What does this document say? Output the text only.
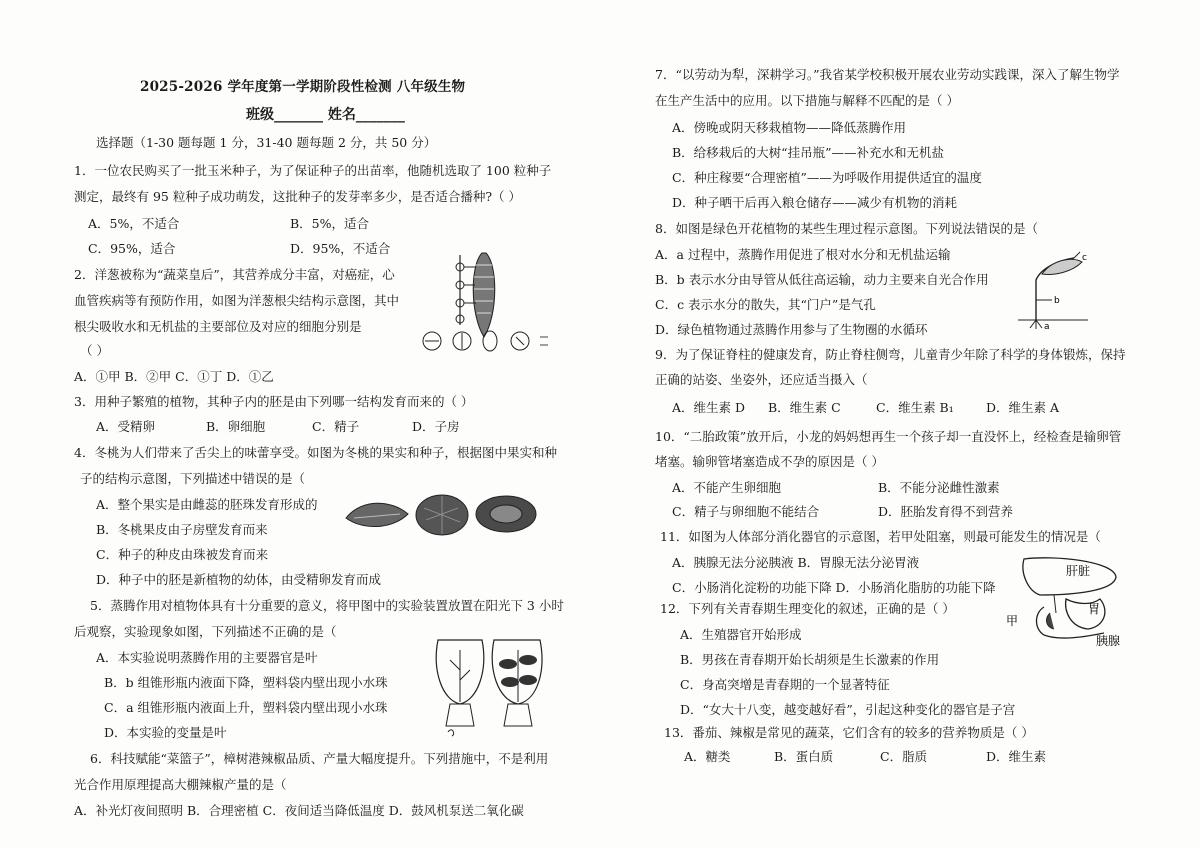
2025-2026 学年度第一学期阶段性检测 八年级生物
班级_______ 姓名_______
选择题（1-30 题每题 1 分，31-40 题每题 2 分，共 50 分）
1．一位农民购买了一批玉米种子，为了保证种子的出苗率，他随机选取了 100 粒种子
测定，最终有 95 粒种子成功萌发，这批种子的发芽率多少，是否适合播种?（ ）
A．5%，不适合	B．5%，适合
C．95%，适合	D．95%，不适合
2．洋葱被称为“蔬菜皇后”，其营养成分丰富，对癌症，心
血管疾病等有预防作用，如图为洋葱根尖结构示意图，其中
根尖吸收水和无机盐的主要部位及对应的细胞分别是
（ ）
A．①甲 B．②甲 C．①丁 D．①乙
3．用种子繁殖的植物，其种子内的胚是由下列哪一结构发育而来的（ ）
A．受精卵	B．卵细胞	C．精子	D．子房
4．冬桃为人们带来了舌尖上的味蕾享受。如图为冬桃的果实和种子，根据图中果实和种
子的结构示意图，下列描述中错误的是（
A．整个果实是由雌蕊的胚珠发育形成的
B．冬桃果皮由子房壁发育而来
C．种子的种皮由珠被发育而来
D．种子中的胚是新植物的幼体，由受精卵发育而成
5．蒸腾作用对植物体具有十分重要的意义，将甲图中的实验装置放置在阳光下 3 小时
后观察，实验现象如图，下列描述不正确的是（
A．本实验说明蒸腾作用的主要器官是叶
B．b 组锥形瓶内液面下降，塑料袋内壁出现小水珠
C．a 组锥形瓶内液面上升，塑料袋内壁出现小水珠
D．本实验的变量是叶
6．科技赋能“菜篮子”，樟树港辣椒品质、产量大幅度提升。下列措施中，不是利用
光合作用原理提高大棚辣椒产量的是（
A．补光灯夜间照明 B．合理密植 C．夜间适当降低温度 D．鼓风机泵送二氧化碳
7．“以劳动为犁，深耕学习。”我省某学校积极开展农业劳动实践课，深入了解生物学
在生产生活中的应用。以下措施与解释不匹配的是（ ）
A．傍晚或阴天移栽植物——降低蒸腾作用
B．给移栽后的大树“挂吊瓶”——补充水和无机盐
C．种庄稼要“合理密植”——为呼吸作用提供适宜的温度
D．种子晒干后再入粮仓储存——减少有机物的消耗
8．如图是绿色开花植物的某些生理过程示意图。下列说法错误的是（
A．a 过程中，蒸腾作用促进了根对水分和无机盐运输
B．b 表示水分由导管从低往高运输，动力主要来自光合作用
C．c 表示水分的散失，其“门户”是气孔
D．绿色植物通过蒸腾作用参与了生物圈的水循环
c
b
a
9．为了保证脊柱的健康发育，防止脊柱侧弯，儿童青少年除了科学的身体锻炼，保持
正确的站姿、坐姿外，还应适当摄入（
A．维生素 D B．维生素 C	C．维生素 B₁	D．维生素 A
10．“二胎政策”放开后，小龙的妈妈想再生一个孩子却一直没怀上，经检查是输卵管
堵塞。输卵管堵塞造成不孕的原因是（ ）
A．不能产生卵细胞	B．不能分泌雌性激素
C．精子与卵细胞不能结合	D．胚胎发育得不到营养
11．如图为人体部分消化器官的示意图，若甲处阻塞，则最可能发生的情况是（
A．胰腺无法分泌胰液 B．胃腺无法分泌胃液
C．小肠消化淀粉的功能下降 D．小肠消化脂肪的功能下降
肝脏
胃
甲
胰腺
12．下列有关青春期生理变化的叙述，正确的是（ ）
A．生殖器官开始形成
B．男孩在青春期开始长胡须是生长激素的作用
C．身高突增是青春期的一个显著特征
D．“女大十八变，越变越好看”，引起这种变化的器官是子宫
13．番茄、辣椒是常见的蔬菜，它们含有的较多的营养物质是（ ）
A．糖类	B．蛋白质	C．脂质	D．维生素
